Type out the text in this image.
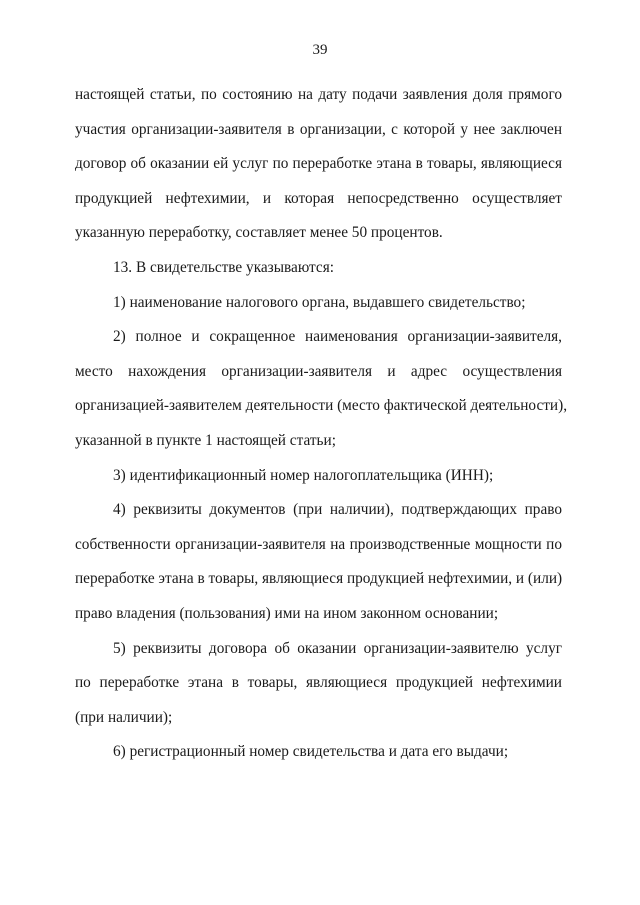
39

настоящей статьи, по состоянию на дату подачи заявления доля прямого
участия организации-заявителя в организации, с которой у нее заключен
договор об оказании ей услуг по переработке этана в товары, являющиеся
продукцией нефтехимии, и которая непосредственно осуществляет
указанную переработку, составляет менее 50 процентов.

13. В свидетельстве указываются:

1) наименование налогового органа, выдавшего свидетельство;

2) полное и сокращенное наименования организации-заявителя,
место нахождения организации-заявителя и адрес осуществления
организацией-заявителем деятельности (место фактической деятельности),
указанной в пункте 1 настоящей статьи;

3) идентификационный номер налогоплательщика (ИНН);

4) реквизиты документов (при наличии), подтверждающих право
собственности организации-заявителя на производственные мощности по
переработке этана в товары, являющиеся продукцией нефтехимии, и (или)
право владения (пользования) ими на ином законном основании;

5) реквизиты договора об оказании организации-заявителю услуг
по переработке этана в товары, являющиеся продукцией нефтехимии
(при наличии);

6) регистрационный номер свидетельства и дата его выдачи;
